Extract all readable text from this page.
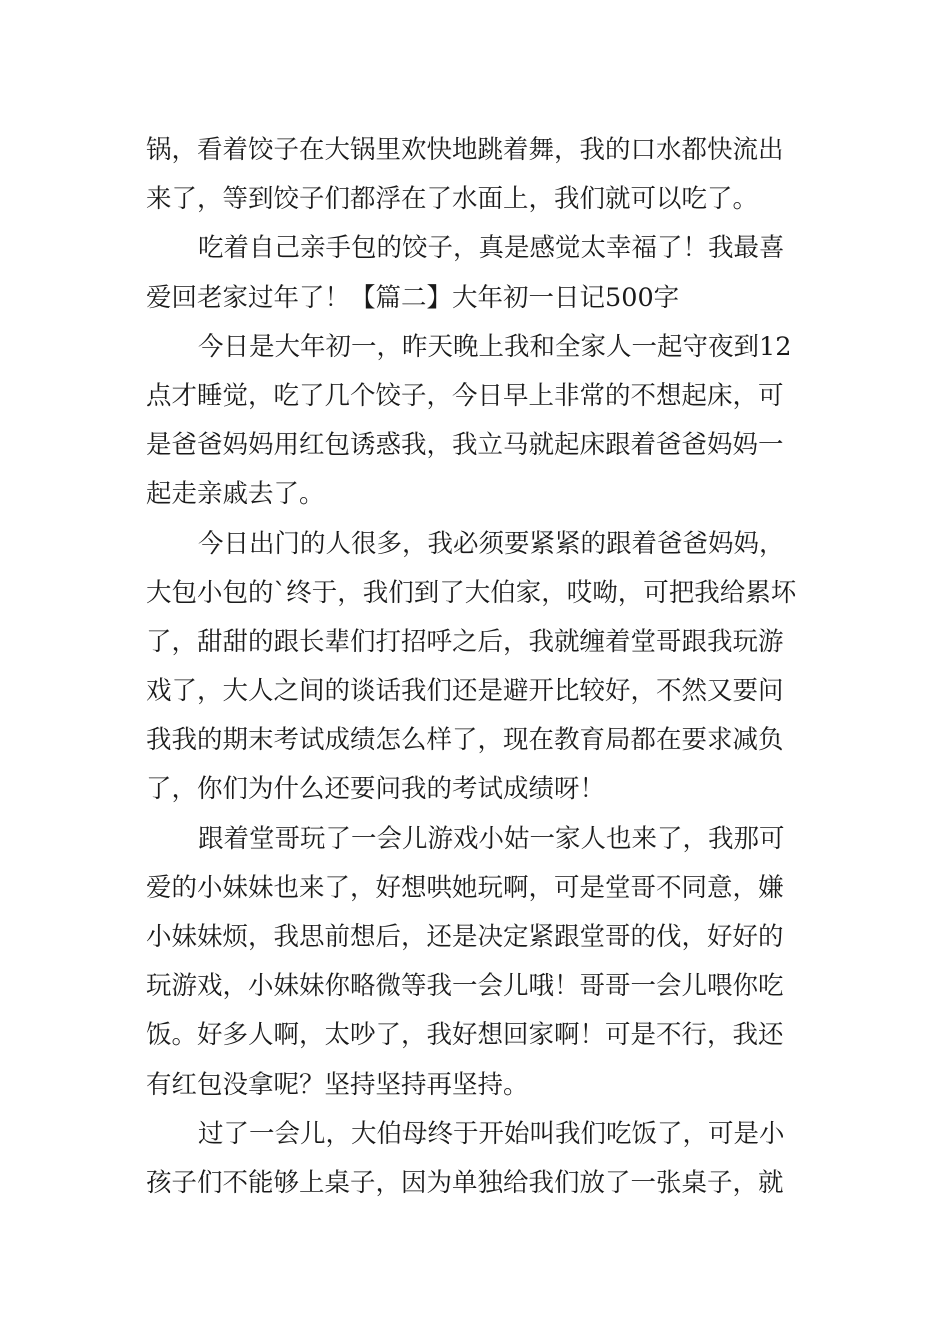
锅，看着饺子在大锅里欢快地跳着舞，我的口水都快流出
来了，等到饺子们都浮在了水面上，我们就可以吃了。
吃着自己亲手包的饺子，真是感觉太幸福了！我最喜
爱回老家过年了！【篇二】大年初一日记500字
今日是大年初一，昨天晚上我和全家人一起守夜到12
点才睡觉，吃了几个饺子，今日早上非常的不想起床，可
是爸爸妈妈用红包诱惑我，我立马就起床跟着爸爸妈妈一
起走亲戚去了。
今日出门的人很多，我必须要紧紧的跟着爸爸妈妈，
大包小包的`终于，我们到了大伯家，哎呦，可把我给累坏
了，甜甜的跟长辈们打招呼之后，我就缠着堂哥跟我玩游
戏了，大人之间的谈话我们还是避开比较好，不然又要问
我我的期末考试成绩怎么样了，现在教育局都在要求减负
了，你们为什么还要问我的考试成绩呀！
跟着堂哥玩了一会儿游戏小姑一家人也来了，我那可
爱的小妹妹也来了，好想哄她玩啊，可是堂哥不同意，嫌
小妹妹烦，我思前想后，还是决定紧跟堂哥的伐，好好的
玩游戏，小妹妹你略微等我一会儿哦！哥哥一会儿喂你吃
饭。好多人啊，太吵了，我好想回家啊！可是不行，我还
有红包没拿呢？坚持坚持再坚持。
过了一会儿，大伯母终于开始叫我们吃饭了，可是小
孩子们不能够上桌子，因为单独给我们放了一张桌子，就
